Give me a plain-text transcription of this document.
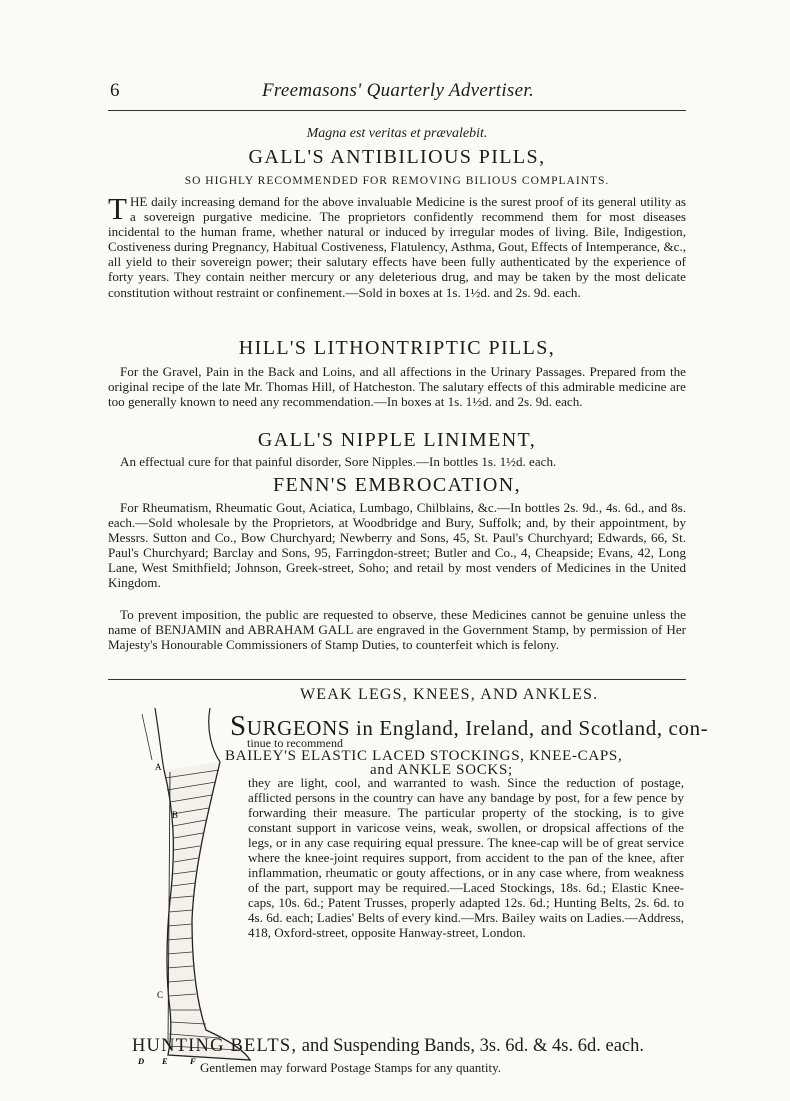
6	Freemasons' Quarterly Advertiser.
Magna est veritas et prævalebit.
GALL'S ANTIBILIOUS PILLS,
SO HIGHLY RECOMMENDED FOR REMOVING BILIOUS COMPLAINTS.

THE daily increasing demand for the above invaluable Medicine is the surest proof of its general utility as a sovereign purgative medicine. The proprietors confidently recommend them for most diseases incidental to the human frame, whether natural or induced by irregular modes of living. Bile, Indigestion, Costiveness during Pregnancy, Habitual Costiveness, Flatulency, Asthma, Gout, Effects of Intemperance, &c., all yield to their sovereign power; their salutary effects have been fully authenticated by the experience of forty years. They contain neither mercury or any deleterious drug, and may be taken by the most delicate constitution without restraint or confinement.—Sold in boxes at 1s. 1½d. and 2s. 9d. each.

HILL'S LITHONTRIPTIC PILLS,

For the Gravel, Pain in the Back and Loins, and all affections in the Urinary Passages. Prepared from the original recipe of the late Mr. Thomas Hill, of Hatcheston. The salutary effects of this admirable medicine are too generally known to need any recommendation.—In boxes at 1s. 1½d. and 2s. 9d. each.

GALL'S NIPPLE LINIMENT,

An effectual cure for that painful disorder, Sore Nipples.—In bottles 1s. 1½d. each.

FENN'S EMBROCATION,

For Rheumatism, Rheumatic Gout, Aciatica, Lumbago, Chilblains, &c.—In bottles 2s. 9d., 4s. 6d., and 8s. each.—Sold wholesale by the Proprietors, at Woodbridge and Bury, Suffolk; and, by their appointment, by Messrs. Sutton and Co., Bow Churchyard; Newberry and Sons, 45, St. Paul's Churchyard; Edwards, 66, St. Paul's Churchyard; Barclay and Sons, 95, Farringdon-street; Butler and Co., 4, Cheapside; Evans, 42, Long Lane, West Smithfield; Johnson, Greek-street, Soho; and retail by most venders of Medicines in the United Kingdom.

To prevent imposition, the public are requested to observe, these Medicines cannot be genuine unless the name of BENJAMIN and ABRAHAM GALL are engraved in the Government Stamp, by permission of Her Majesty's Honourable Commissioners of Stamp Duties, to counterfeit which is felony.

WEAK LEGS, KNEES, AND ANKLES.
A
B
C
D E	F
SURGEONS in England, Ireland, and Scotland, con-
tinue to recommend
BAILEY'S ELASTIC LACED STOCKINGS, KNEE-CAPS,
and ANKLE SOCKS;

they are light, cool, and warranted to wash. Since the reduction of postage, afflicted persons in the country can have any bandage by post, for a few pence by forwarding their measure. The particular property of the stocking, is to give constant support in varicose veins, weak, swollen, or dropsical affections of the legs, or in any case requiring equal pressure. The knee-cap will be of great service where the knee-joint requires support, from accident to the pan of the knee, after inflammation, rheumatic or gouty affections, or in any case where, from weakness of the part, support may be required.—Laced Stockings, 18s. 6d.; Elastic Knee-caps, 10s. 6d.; Patent Trusses, properly adapted 12s. 6d.; Hunting Belts, 2s. 6d. to 4s. 6d. each; Ladies' Belts of every kind.—Mrs. Bailey waits on Ladies.—Address, 418, Oxford-street, opposite Hanway-street, London.

HUNTING BELTS, and Suspending Bands, 3s. 6d. & 4s. 6d. each.
Gentlemen may forward Postage Stamps for any quantity.
